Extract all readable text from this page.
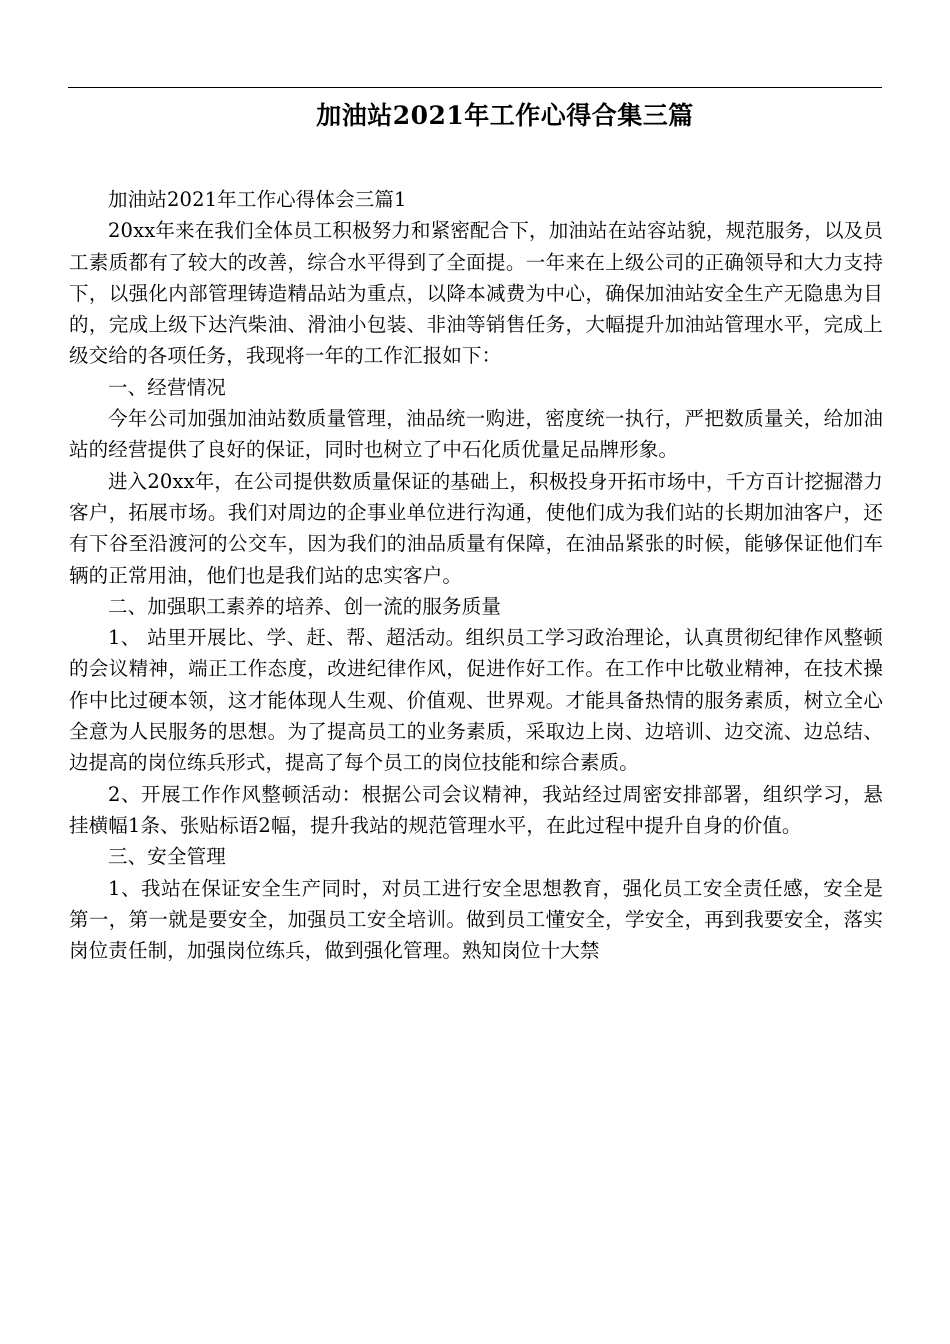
加油站2021年工作心得合集三篇

加油站2021年工作心得体会三篇1

20xx年来在我们全体员工积极努力和紧密配合下，加油站在站容站貌，规范服务，以及员工素质都有了较大的改善，综合水平得到了全面提。一年来在上级公司的正确领导和大力支持下，以强化内部管理铸造精品站为重点，以降本减费为中心，确保加油站安全生产无隐患为目的，完成上级下达汽柴油、滑油小包装、非油等销售任务，大幅提升加油站管理水平，完成上级交给的各项任务，我现将一年的工作汇报如下：

一、经营情况

今年公司加强加油站数质量管理，油品统一购进，密度统一执行，严把数质量关，给加油站的经营提供了良好的保证，同时也树立了中石化质优量足品牌形象。

进入20xx年，在公司提供数质量保证的基础上，积极投身开拓市场中，千方百计挖掘潜力客户，拓展市场。我们对周边的企事业单位进行沟通，使他们成为我们站的长期加油客户，还有下谷至沿渡河的公交车，因为我们的油品质量有保障，在油品紧张的时候，能够保证他们车辆的正常用油，他们也是我们站的忠实客户。

二、加强职工素养的培养、创一流的服务质量

1、 站里开展比、学、赶、帮、超活动。组织员工学习政治理论，认真贯彻纪律作风整顿的会议精神，端正工作态度，改进纪律作风，促进作好工作。在工作中比敬业精神，在技术操作中比过硬本领，这才能体现人生观、价值观、世界观。才能具备热情的服务素质，树立全心全意为人民服务的思想。为了提高员工的业务素质，采取边上岗、边培训、边交流、边总结、边提高的岗位练兵形式，提高了每个员工的岗位技能和综合素质。

2、开展工作作风整顿活动：根据公司会议精神，我站经过周密安排部署，组织学习，悬挂横幅1条、张贴标语2幅，提升我站的规范管理水平，在此过程中提升自身的价值。

三、安全管理

1、我站在保证安全生产同时，对员工进行安全思想教育，强化员工安全责任感，安全是第一，第一就是要安全，加强员工安全培训。做到员工懂安全，学安全，再到我要安全，落实岗位责任制，加强岗位练兵，做到强化管理。熟知岗位十大禁
